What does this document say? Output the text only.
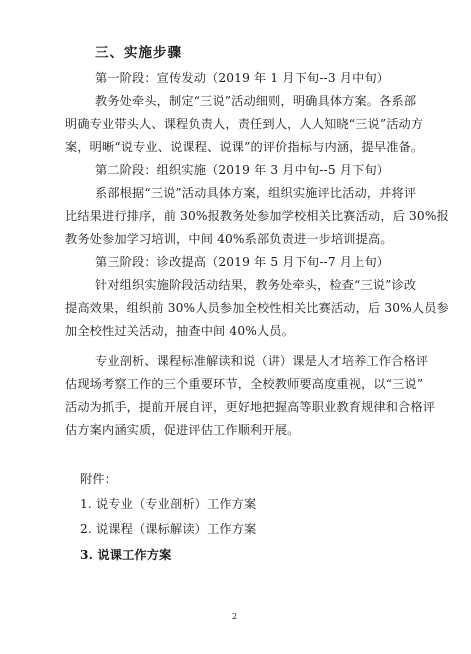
三、实施步骤
第一阶段：宣传发动（2019 年 1 月下旬--3 月中旬）
教务处牵头，制定“三说”活动细则，明确具体方案。各系部
明确专业带头人、课程负责人，责任到人，人人知晓“三说”活动方
案，明晰“说专业、说课程、说课”的评价指标与内涵，提早准备。
第二阶段：组织实施（2019 年 3 月中旬--5 月下旬）
系部根据“三说”活动具体方案，组织实施评比活动，并将评
比结果进行排序，前 30%报教务处参加学校相关比赛活动，后 30%报
教务处参加学习培训，中间 40%系部负责进一步培训提高。
第三阶段：诊改提高（2019 年 5 月下旬--7 月上旬）
针对组织实施阶段活动结果，教务处牵头，检查“三说”诊改
提高效果，组织前 30%人员参加全校性相关比赛活动，后 30%人员参
加全校性过关活动，抽查中间 40%人员。
专业剖析、课程标准解读和说（讲）课是人才培养工作合格评
估现场考察工作的三个重要环节，全校教师要高度重视，以“三说”
活动为抓手，提前开展自评，更好地把握高等职业教育规律和合格评
估方案内涵实质，促进评估工作顺利开展。
附件：
1. 说专业（专业剖析）工作方案
2. 说课程（课标解读）工作方案
3. 说课工作方案
2
